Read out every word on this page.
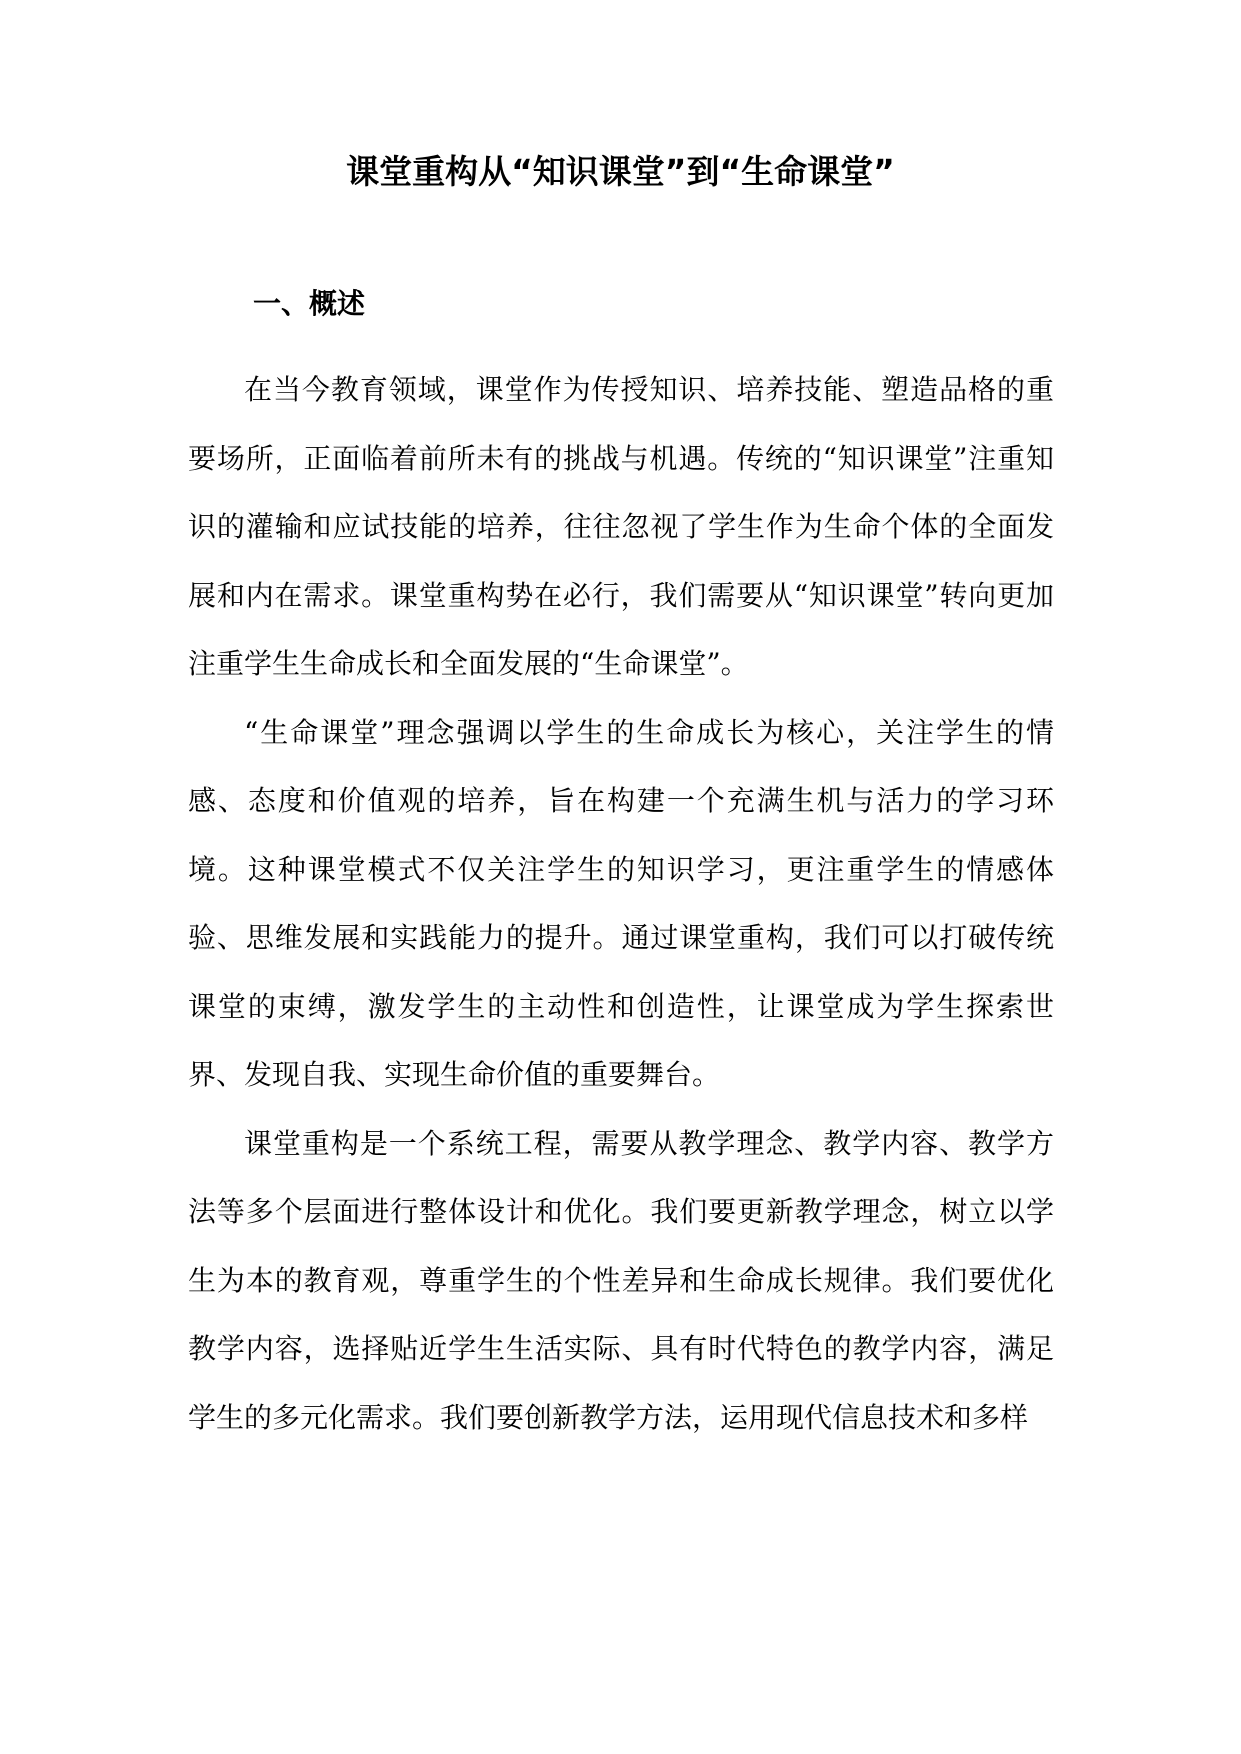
课堂重构从“知识课堂”到“生命课堂”
一、概述

在当今教育领域，课堂作为传授知识、培养技能、塑造品格的重要场所，正面临着前所未有的挑战与机遇。传统的“知识课堂”注重知识的灌输和应试技能的培养，往往忽视了学生作为生命个体的全面发展和内在需求。课堂重构势在必行，我们需要从“知识课堂”转向更加注重学生生命成长和全面发展的“生命课堂”。

“生命课堂”理念强调以学生的生命成长为核心，关注学生的情感、态度和价值观的培养，旨在构建一个充满生机与活力的学习环境。这种课堂模式不仅关注学生的知识学习，更注重学生的情感体验、思维发展和实践能力的提升。通过课堂重构，我们可以打破传统课堂的束缚，激发学生的主动性和创造性，让课堂成为学生探索世界、发现自我、实现生命价值的重要舞台。

课堂重构是一个系统工程，需要从教学理念、教学内容、教学方法等多个层面进行整体设计和优化。我们要更新教学理念，树立以学生为本的教育观，尊重学生的个性差异和生命成长规律。我们要优化教学内容，选择贴近学生生活实际、具有时代特色的教学内容，满足学生的多元化需求。我们要创新教学方法，运用现代信息技术和多样
